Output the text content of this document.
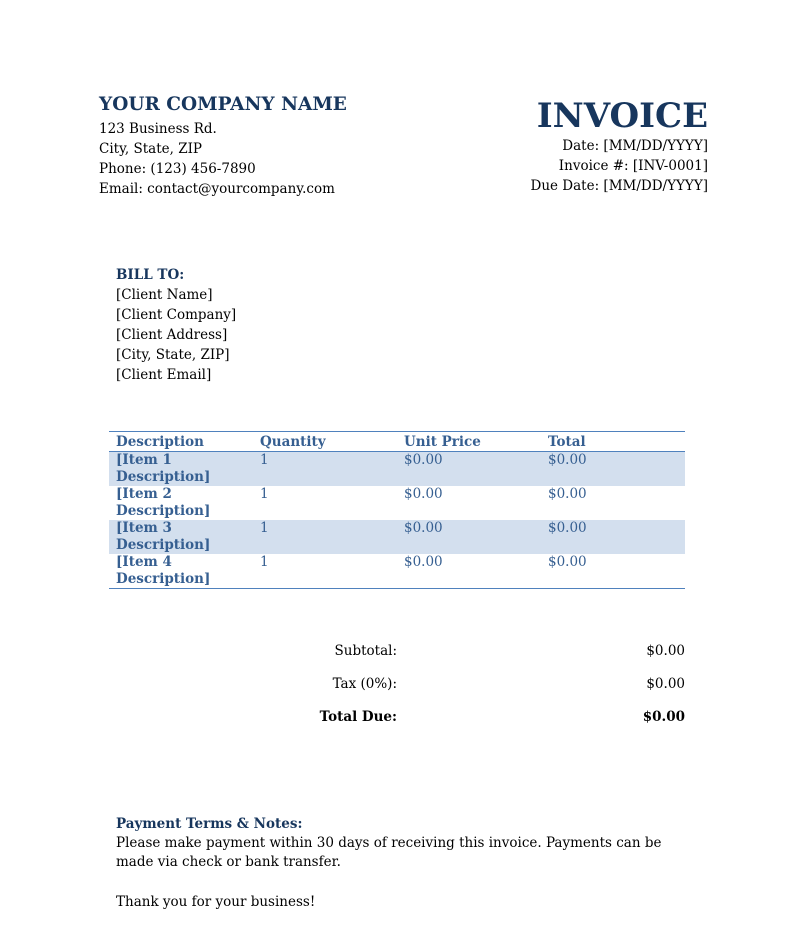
YOUR COMPANY NAME
123 Business Rd.
City, State, ZIP
Phone: (123) 456-7890
Email: contact@yourcompany.com
INVOICE
Date: [MM/DD/YYYY]
Invoice #: [INV-0001]
Due Date: [MM/DD/YYYY]
BILL TO:
[Client Name]
[Client Company]
[Client Address]
[City, State, ZIP]
[Client Email]
Description	Quantity	Unit Price	Total
[Item 1 Description]	1	$0.00	$0.00
[Item 2 Description]	1	$0.00	$0.00
[Item 3 Description]	1	$0.00	$0.00
[Item 4 Description]	1	$0.00	$0.00
Subtotal:	$0.00
Tax (0%):	$0.00
Total Due:	$0.00
Payment Terms & Notes:
Please make payment within 30 days of receiving this invoice. Payments can be made via check or bank transfer.
Thank you for your business!
